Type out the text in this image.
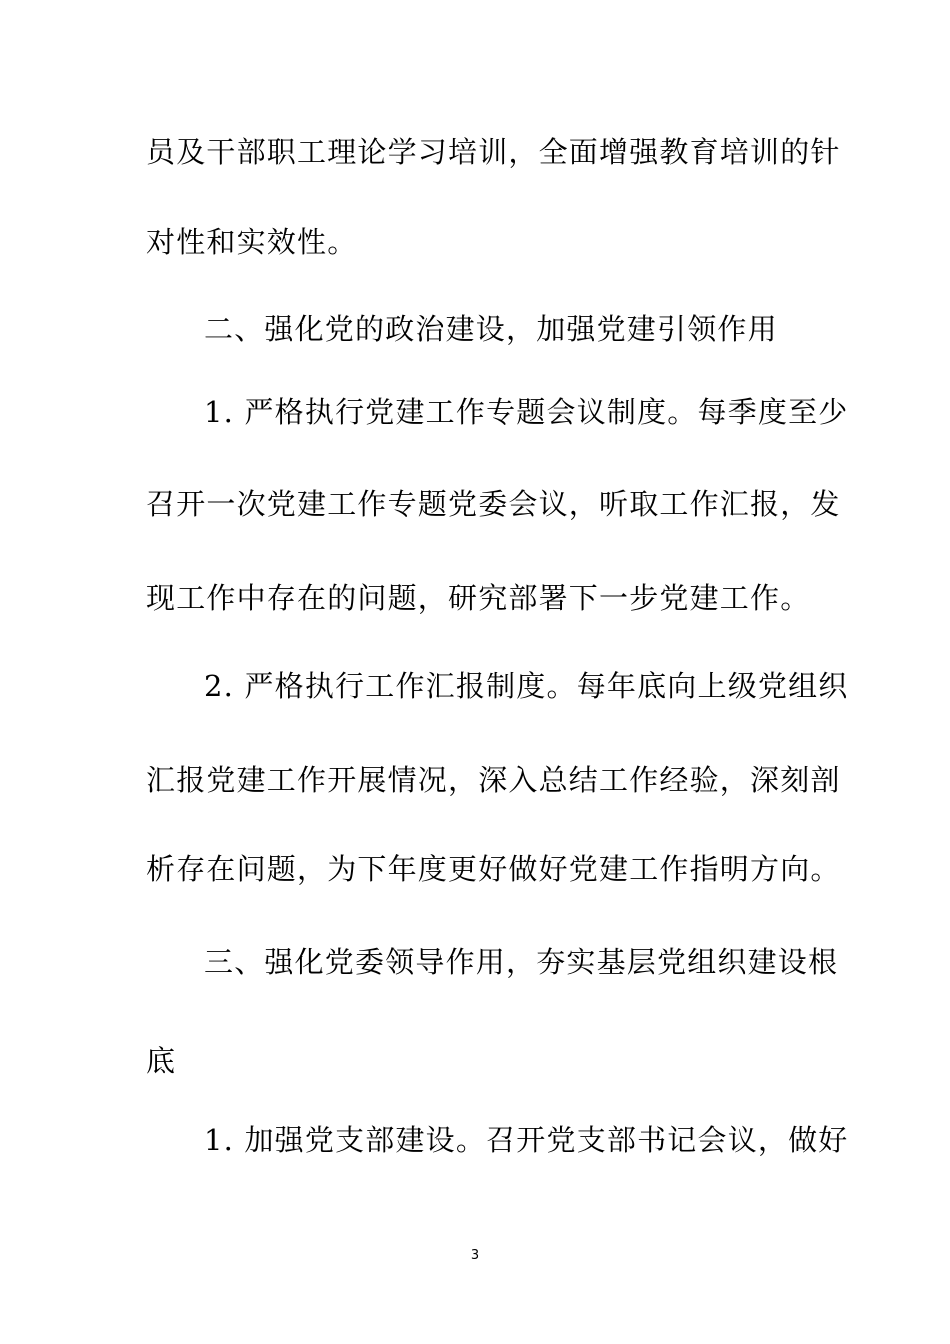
员及干部职工理论学习培训，全面增强教育培训的针
对性和实效性。
二、强化党的政治建设，加强党建引领作用
1. 严格执行党建工作专题会议制度。每季度至少
召开一次党建工作专题党委会议，听取工作汇报，发
现工作中存在的问题，研究部署下一步党建工作。
2. 严格执行工作汇报制度。每年底向上级党组织
汇报党建工作开展情况，深入总结工作经验，深刻剖
析存在问题，为下年度更好做好党建工作指明方向。
三、强化党委领导作用，夯实基层党组织建设根
底
1. 加强党支部建设。召开党支部书记会议，做好
3
